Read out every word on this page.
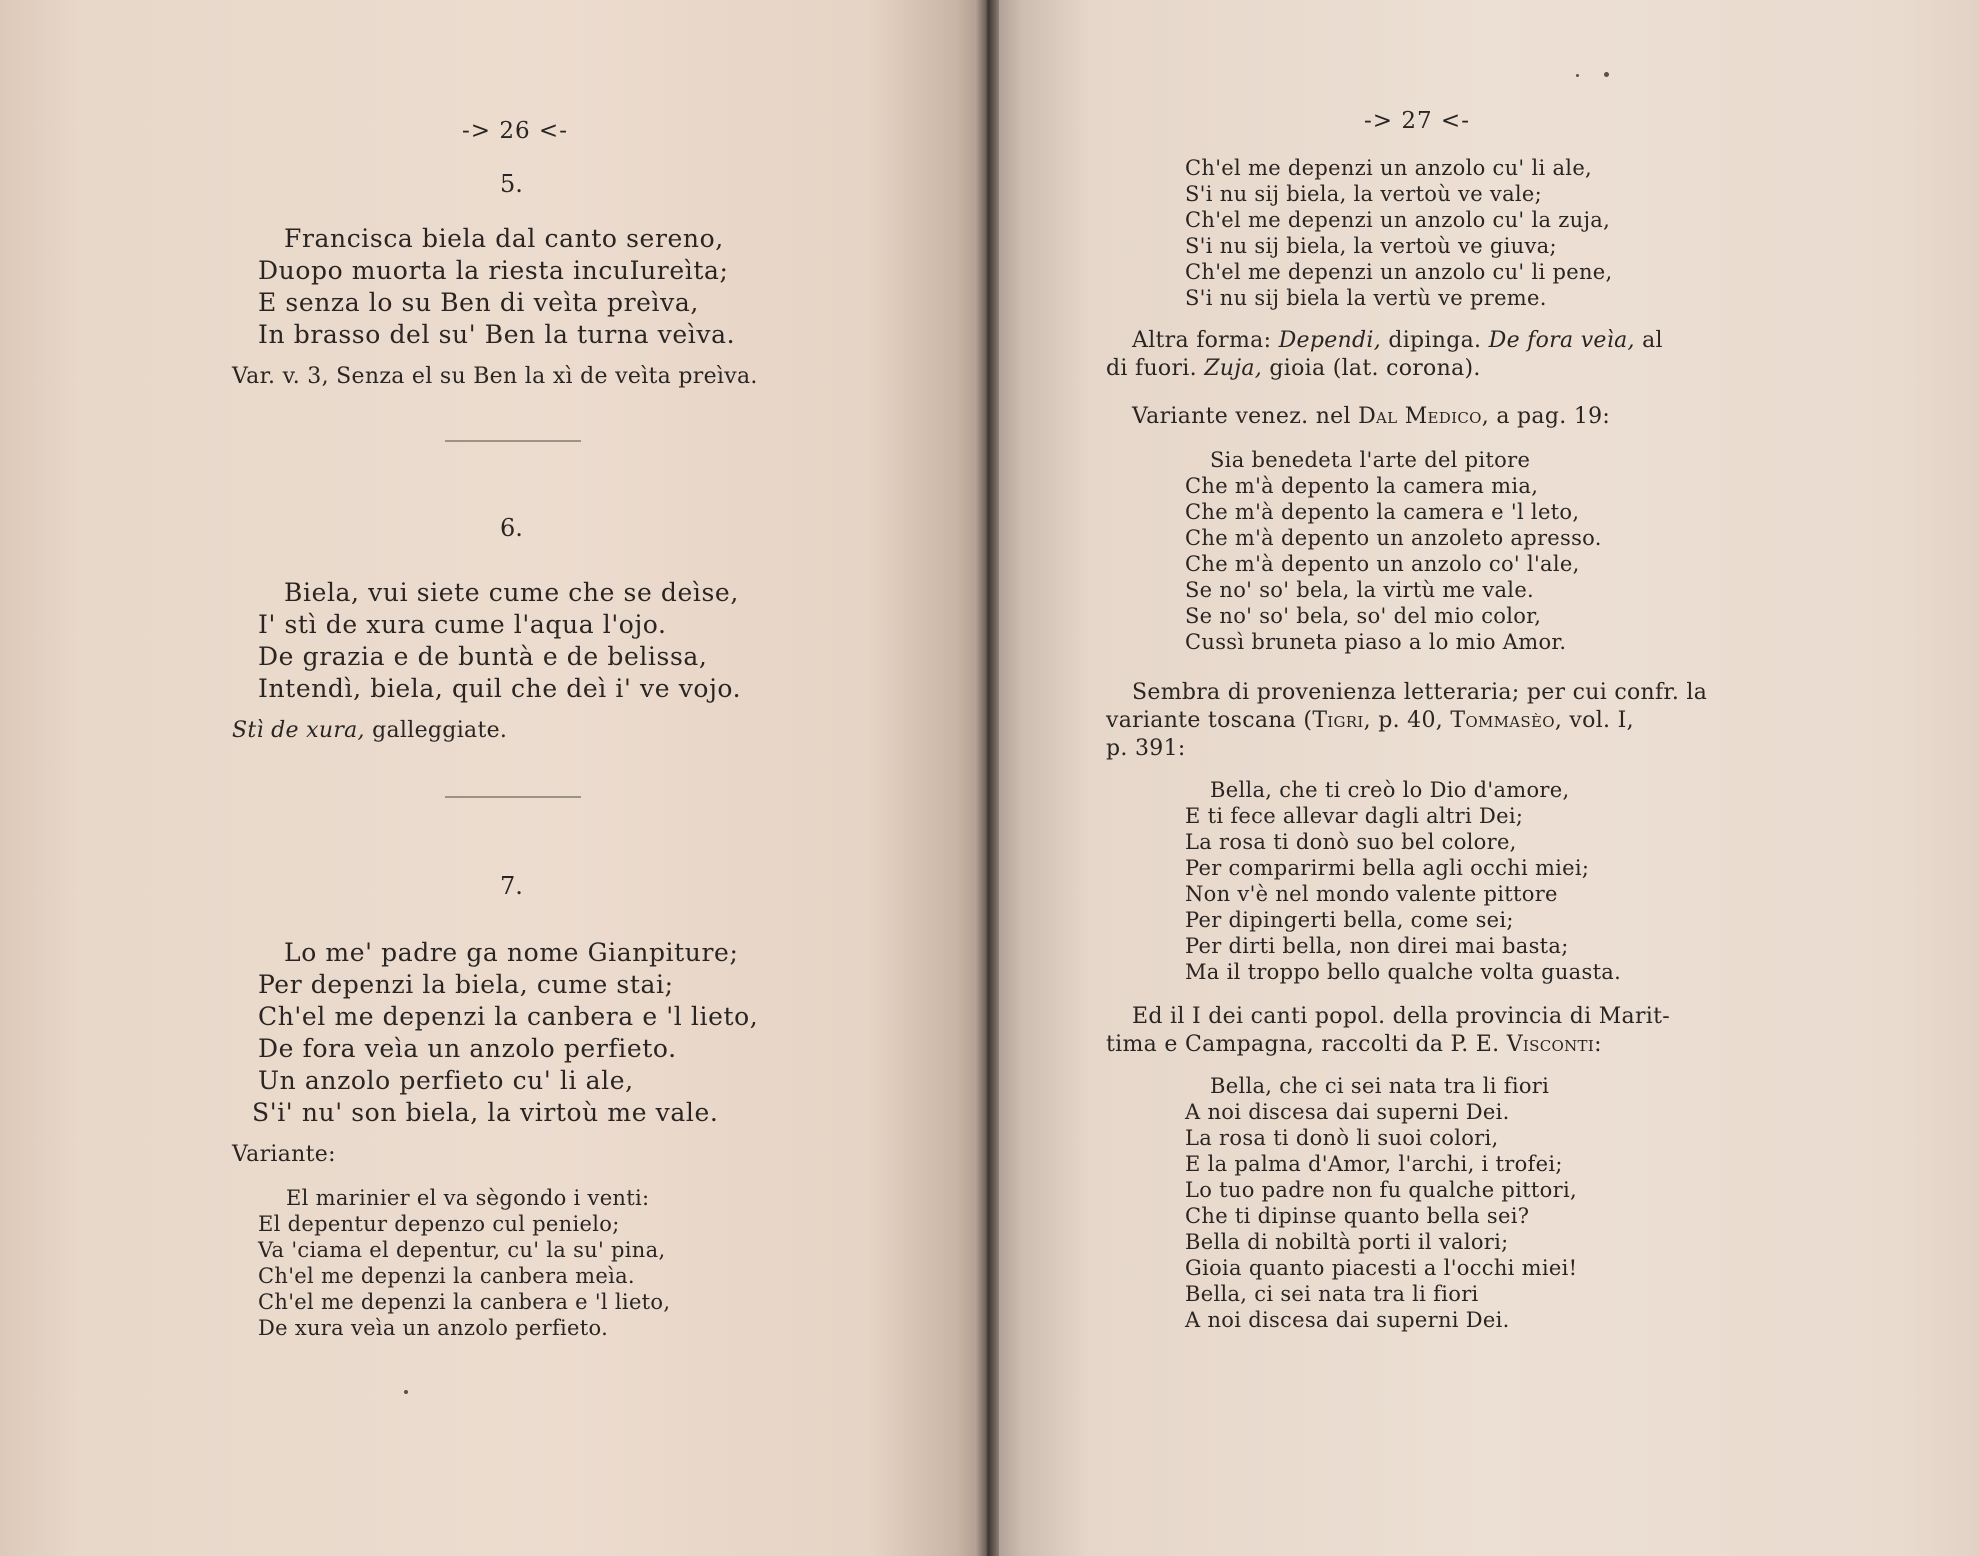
-> 26 <-
5.
Francisca biela dal canto sereno,
Duopo muorta la riesta incuIureìta;
E senza lo su Ben di veìta preìva,
In brasso del su' Ben la turna veìva.
Var. v. 3, Senza el su Ben la xì de veìta preìva.
6.
Biela, vui siete cume che se deìse,
I' stì de xura cume l'aqua l'ojo.
De grazia e de buntà e de belissa,
Intendì, biela, quil che deì i' ve vojo.
Stì de xura, galleggiate.
7.
Lo me' padre ga nome Gianpiture;
Per depenzi la biela, cume stai;
Ch'el me depenzi la canbera e 'l lieto,
De fora veìa un anzolo perfieto.
Un anzolo perfieto cu' li ale,
S'i' nu' son biela, la virtoù me vale.
Variante:
El marinier el va sègondo i venti:
El depentur depenzo cul penielo;
Va 'ciama el depentur, cu' la su' pina,
Ch'el me depenzi la canbera meìa.
Ch'el me depenzi la canbera e 'l lieto,
De xura veìa un anzolo perfieto.
-> 27 <-
Ch'el me depenzi un anzolo cu' li ale,
S'i nu sij biela, la vertoù ve vale;
Ch'el me depenzi un anzolo cu' la zuja,
S'i nu sij biela, la vertoù ve giuva;
Ch'el me depenzi un anzolo cu' li pene,
S'i nu sij biela la vertù ve preme.
Altra forma: Dependi, dipinga. De fora veìa, al
di fuori. Zuja, gioia (lat. corona).
Variante venez. nel Dal Medico, a pag. 19:
Sia benedeta l'arte del pitore
Che m'à depento la camera mia,
Che m'à depento la camera e 'l leto,
Che m'à depento un anzoleto apresso.
Che m'à depento un anzolo co' l'ale,
Se no' so' bela, la virtù me vale.
Se no' so' bela, so' del mio color,
Cussì bruneta piaso a lo mio Amor.
Sembra di provenienza letteraria; per cui confr. la
variante toscana (Tigri, p. 40, Tommasèo, vol. I,
p. 391:
Bella, che ti creò lo Dio d'amore,
E ti fece allevar dagli altri Dei;
La rosa ti donò suo bel colore,
Per comparirmi bella agli occhi miei;
Non v'è nel mondo valente pittore
Per dipingerti bella, come sei;
Per dirti bella, non direi mai basta;
Ma il troppo bello qualche volta guasta.
Ed il I dei canti popol. della provincia di Marit-
tima e Campagna, raccolti da P. E. Visconti:
Bella, che ci sei nata tra li fiori
A noi discesa dai superni Dei.
La rosa ti donò li suoi colori,
E la palma d'Amor, l'archi, i trofei;
Lo tuo padre non fu qualche pittori,
Che ti dipinse quanto bella sei?
Bella di nobiltà porti il valori;
Gioia quanto piacesti a l'occhi miei!
Bella, ci sei nata tra li fiori
A noi discesa dai superni Dei.
